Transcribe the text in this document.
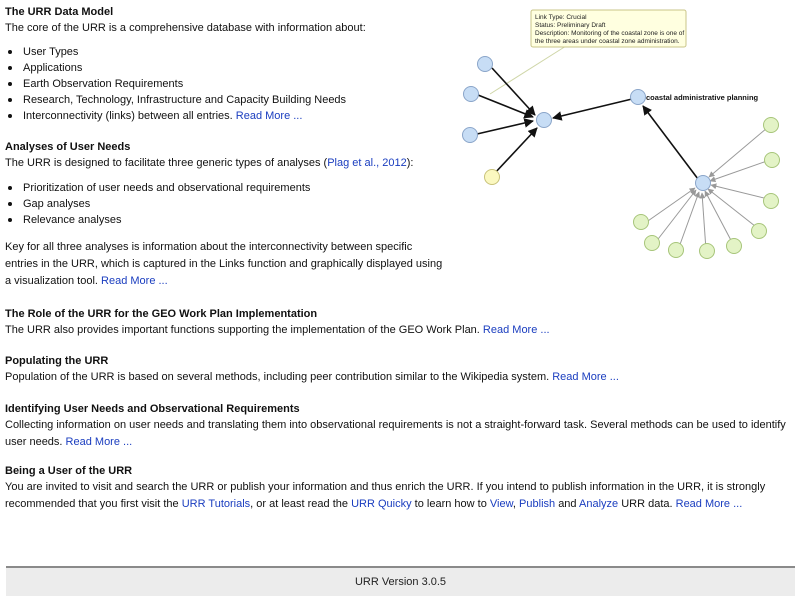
The URR Data Model

The core of the URR is a comprehensive database with information about:

User Types
Applications
Earth Observation Requirements
Research, Technology, Infrastructure and Capacity Building Needs
Interconnectivity (links) between all entries. Read More ...
Analyses of User Needs

The URR is designed to facilitate three generic types of analyses (Plag et al., 2012):

Prioritization of user needs and observational requirements
Gap analyses
Relevance analyses

Key for all three analyses is information about the interconnectivity between specific entries in the URR, which is captured in the Links function and graphically displayed using a visualization tool. Read More ...

The Role of the URR for the GEO Work Plan Implementation

The URR also provides important functions supporting the implementation of the GEO Work Plan. Read More ...

Populating the URR

Population of the URR is based on several methods, including peer contribution similar to the Wikipedia system. Read More ...

Identifying User Needs and Observational Requirements

Collecting information on user needs and translating them into observational requirements is not a straight-forward task. Several methods can be used to identify user needs. Read More ...

Being a User of the URR

You are invited to visit and search the URR or publish your information and thus enrich the URR. If you intend to publish information in the URR, it is strongly recommended that you first visit the URR Tutorials, or at least read the URR Quicky to learn how to View, Publish and Analyze URR data. Read More ...

coastal administrative planning
Link Type: Crucial
Status: Preliminary Draft
Description: Monitoring of the coastal zone is one of
the three areas under coastal zone administration.
URR Version 3.0.5
